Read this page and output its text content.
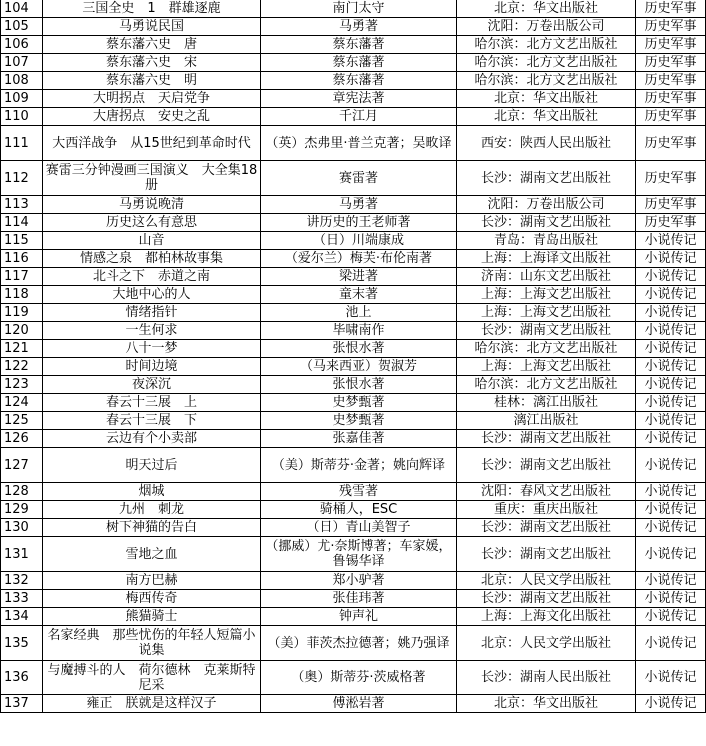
104	三国全史　1　群雄逐鹿	南门太守	北京：华文出版社	历史军事
105	马勇说民国	马勇著	沈阳：万卷出版公司	历史军事
106	蔡东藩六史　唐	蔡东藩著	哈尔滨：北方文艺出版社	历史军事
107	蔡东藩六史　宋	蔡东藩著	哈尔滨：北方文艺出版社	历史军事
108	蔡东藩六史　明	蔡东藩著	哈尔滨：北方文艺出版社	历史军事
109	大明拐点　天启党争	章宪法著	北京：华文出版社	历史军事
110	大唐拐点　安史之乱	千江月	北京：华文出版社	历史军事
111	大西洋战争　从15世纪到革命时代	（英）杰弗里·普兰克著；吴畋译	西安：陕西人民出版社	历史军事
112	赛雷三分钟漫画三国演义　大全集18册	赛雷著	长沙：湖南文艺出版社	历史军事
113	马勇说晚清	马勇著	沈阳：万卷出版公司	历史军事
114	历史这么有意思	讲历史的王老师著	长沙：湖南文艺出版社	历史军事
115	山音	（日）川端康成	青岛：青岛出版社	小说传记
116	情感之泉　都柏林故事集	（爱尔兰）梅芙·布伦南著	上海：上海译文出版社	小说传记
117	北斗之下　赤道之南	梁进著	济南：山东文艺出版社	小说传记
118	大地中心的人	童末著	上海：上海文艺出版社	小说传记
119	情绪指针	池上	上海：上海文艺出版社	小说传记
120	一生何求	毕啸南作	长沙：湖南文艺出版社	小说传记
121	八十一梦	张恨水著	哈尔滨：北方文艺出版社	小说传记
122	时间边境	（马来西亚）贺淑芳	上海：上海文艺出版社	小说传记
123	夜深沉	张恨水著	哈尔滨：北方文艺出版社	小说传记
124	春云十三展　上	史梦甄著	桂林：漓江出版社	小说传记
125	春云十三展　下	史梦甄著	漓江出版社	小说传记
126	云边有个小卖部	张嘉佳著	长沙：湖南文艺出版社	小说传记
127	明天过后	（美）斯蒂芬·金著；姚向辉译	长沙：湖南文艺出版社	小说传记
128	烟城	残雪著	沈阳：春风文艺出版社	小说传记
129	九州　刺龙	骑桶人，ESC	重庆：重庆出版社	小说传记
130	树下神猫的告白	（日）青山美智子	长沙：湖南文艺出版社	小说传记
131	雪地之血	（挪威）尤·奈斯博著；车家媛，鲁锡华译	长沙：湖南文艺出版社	小说传记
132	南方巴赫	郑小驴著	北京：人民文学出版社	小说传记
133	梅西传奇	张佳玮著	长沙：湖南文艺出版社	小说传记
134	熊猫骑士	钟声礼	上海：上海文化出版社	小说传记
135	名家经典　那些忧伤的年轻人短篇小说集	（美）菲茨杰拉德著；姚乃强译	北京：人民文学出版社	小说传记
136	与魔搏斗的人　荷尔德林　克莱斯特　尼采	（奥）斯蒂芬·茨威格著	长沙：湖南人民出版社	小说传记
137	雍正　朕就是这样汉子	傅淞岩著	北京：华文出版社	小说传记
